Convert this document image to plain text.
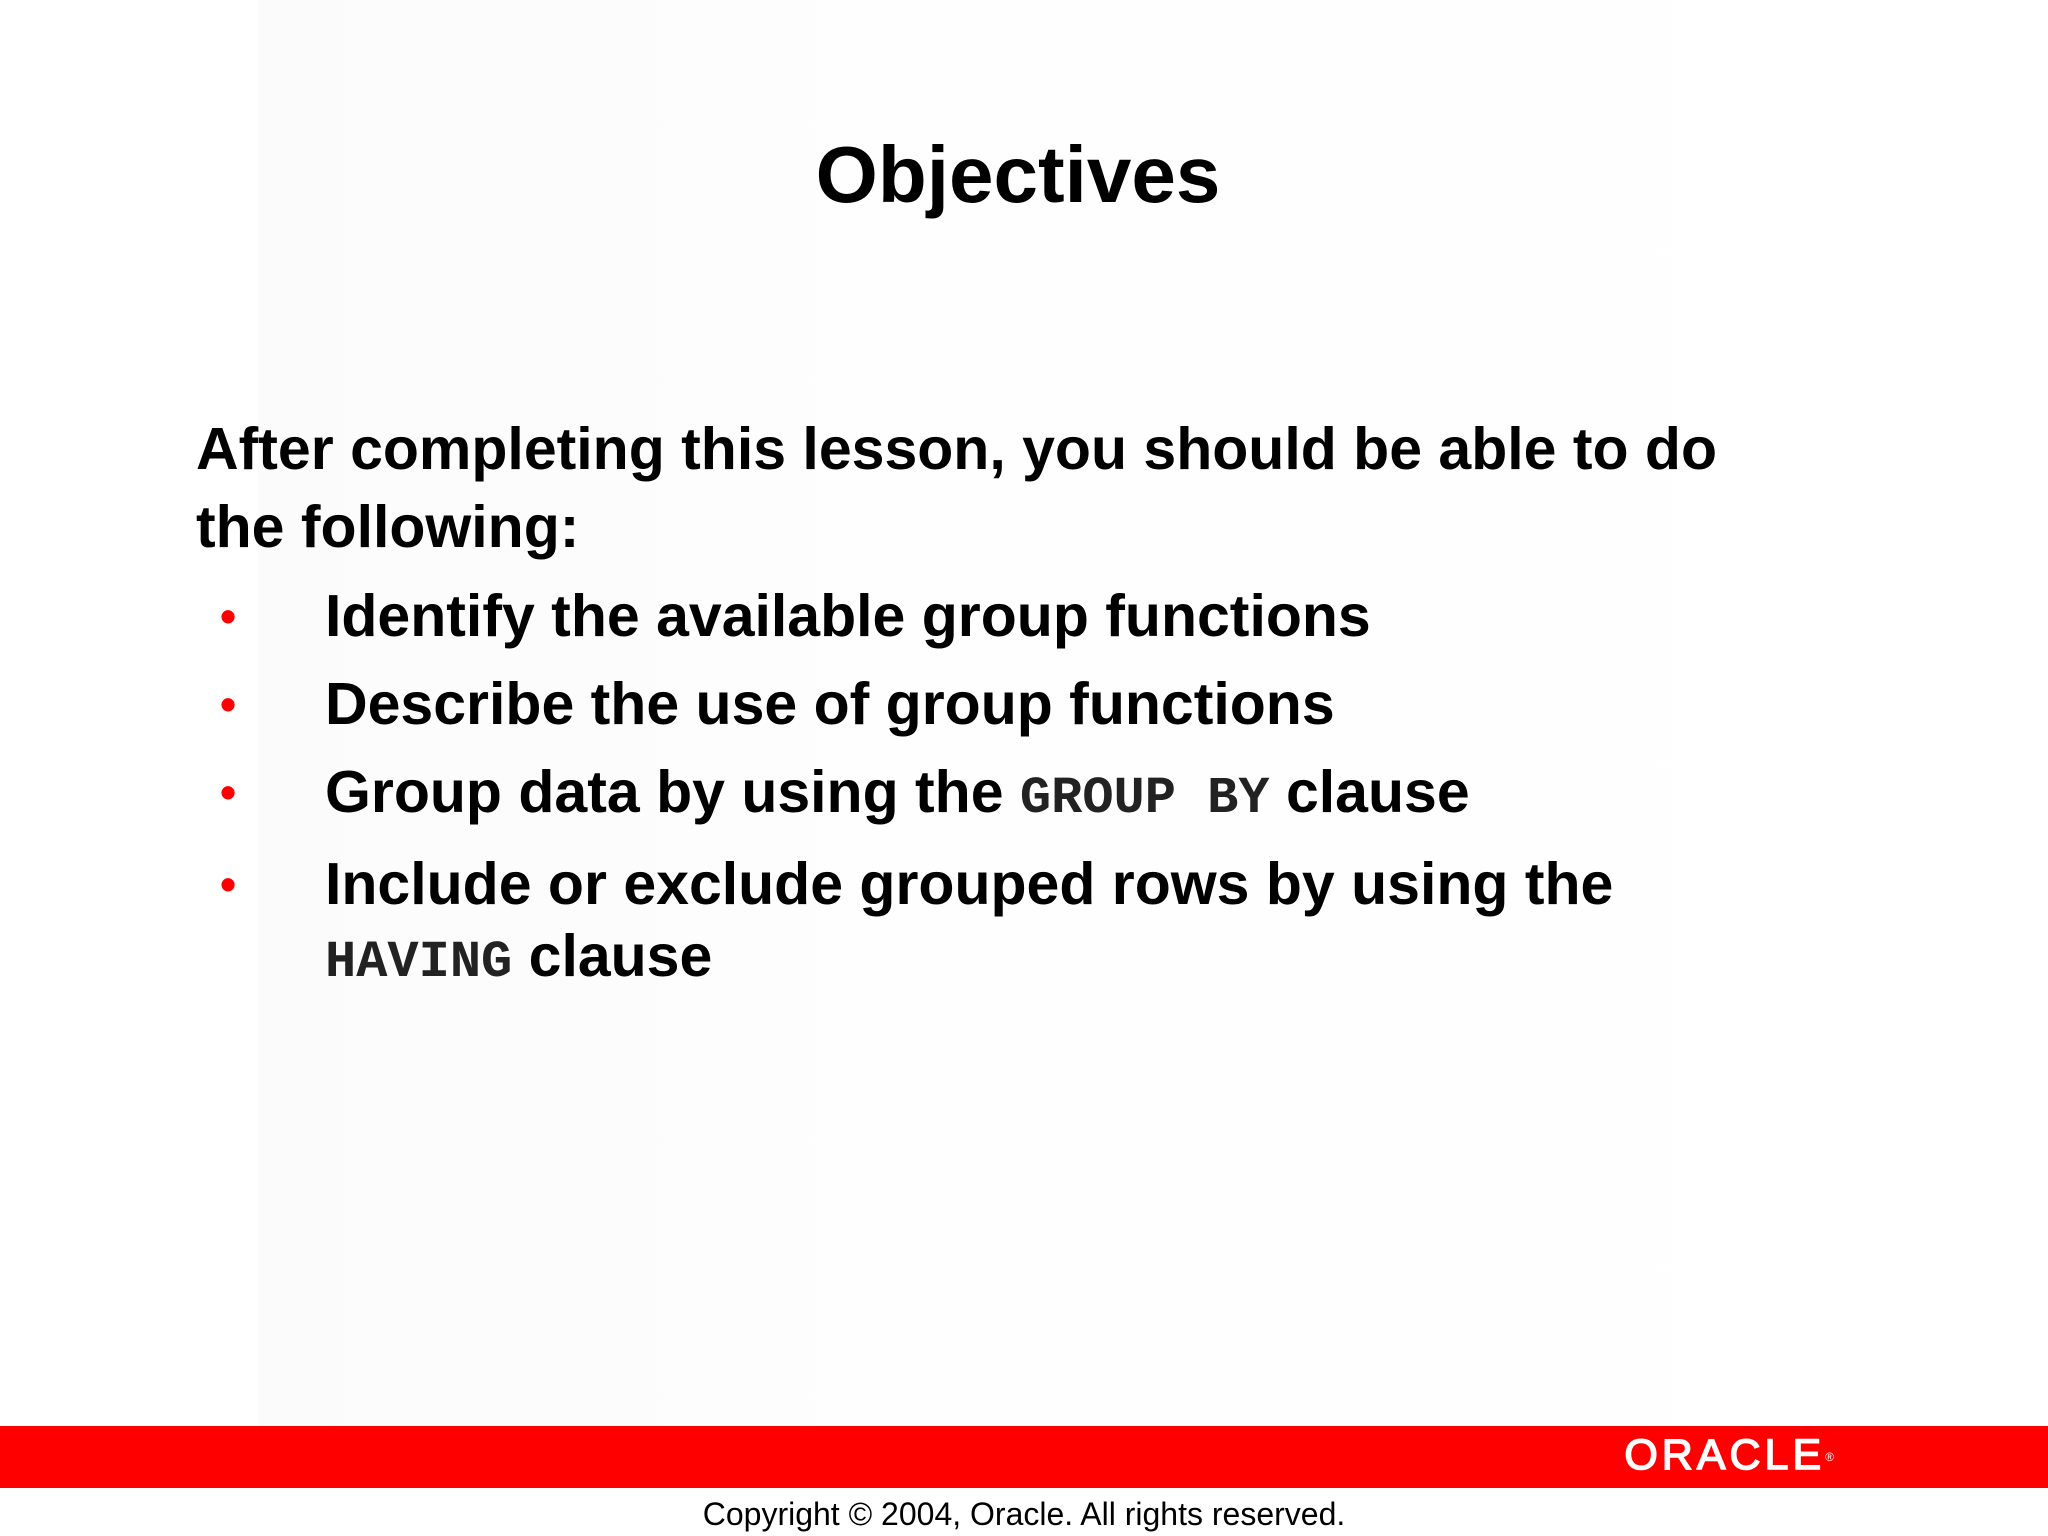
Objectives
After completing this lesson, you should be able to do
the following:
• Identify the available group functions
• Describe the use of group functions
• Group data by using the GROUP BY clause
• Include or exclude grouped rows by using the
HAVING clause
ORACLE®
Copyright © 2004, Oracle. All rights reserved.
